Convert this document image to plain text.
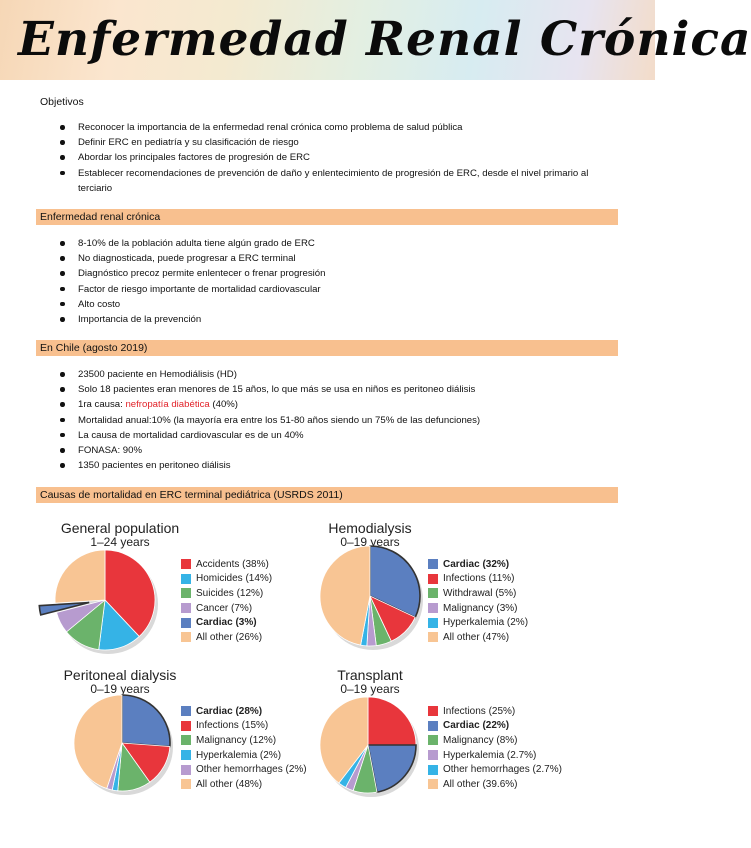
Enfermedad Renal Crónica
Objetivos
Reconocer la importancia de la enfermedad renal crónica como problema de salud pública
Definir ERC en pediatría y su clasificación de riesgo
Abordar los principales factores de progresión de ERC
Establecer recomendaciones de prevención de daño y enlentecimiento de progresión de ERC, desde el nivel primario al terciario
Enfermedad renal crónica
8-10% de la población adulta tiene algún grado de ERC
No diagnosticada, puede progresar a ERC terminal
Diagnóstico precoz permite enlentecer o frenar progresión
Factor de riesgo importante de mortalidad cardiovascular
Alto costo
Importancia de la prevención
En Chile (agosto 2019)
23500 paciente en Hemodiálisis (HD)
Solo 18 pacientes eran menores de 15 años, lo que más se usa en niños es peritoneo diálisis
1ra causa: nefropatía diabética (40%)
Mortalidad anual:10% (la mayoría era entre los 51-80 años siendo un 75% de las defunciones)
La causa de mortalidad cardiovascular es de un 40%
FONASA: 90%
1350 pacientes en peritoneo diálisis
Causas de mortalidad en ERC terminal pediátrica (USRDS 2011)
General population
1–24 years
Accidents (38%)
Homicides (14%)
Suicides (12%)
Cancer (7%)
Cardiac (3%)
All other (26%)
Hemodialysis
0–19 years
Cardiac (32%)
Infections (11%)
Withdrawal (5%)
Malignancy (3%)
Hyperkalemia (2%)
All other (47%)
Peritoneal dialysis
0–19 years
Cardiac (28%)
Infections (15%)
Malignancy (12%)
Hyperkalemia (2%)
Other hemorrhages (2%)
All other (48%)
Transplant
0–19 years
Infections (25%)
Cardiac (22%)
Malignancy (8%)
Hyperkalemia (2.7%)
Other hemorrhages (2.7%)
All other (39.6%)
